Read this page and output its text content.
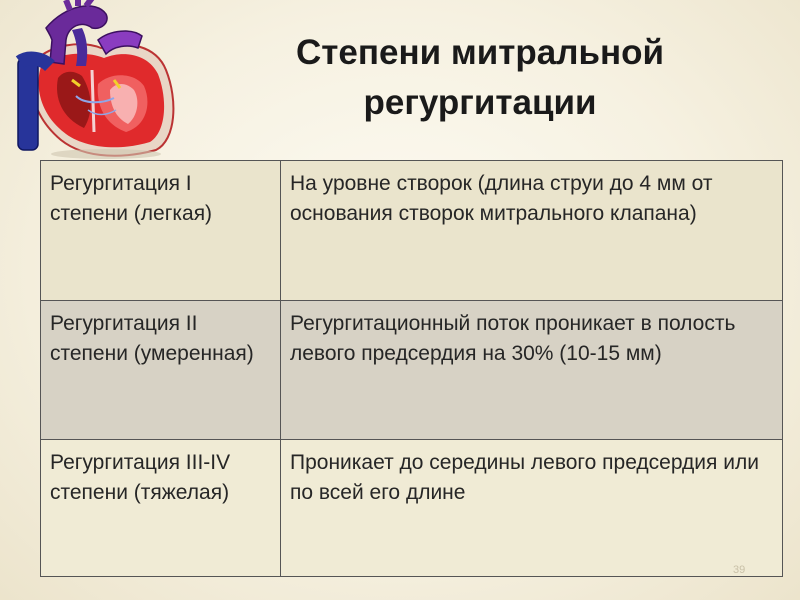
Степени митральной
регургитации
Регургитация I степени (легкая)	На уровне створок (длина струи до 4 мм от основания створок митрального клапана)
Регургитация II степени (умеренная)	Регургитационный поток проникает в полость левого предсердия на 30% (10-15 мм)
Регургитация III-IV степени (тяжелая)	Проникает до середины левого предсердия или по всей его длине
39
